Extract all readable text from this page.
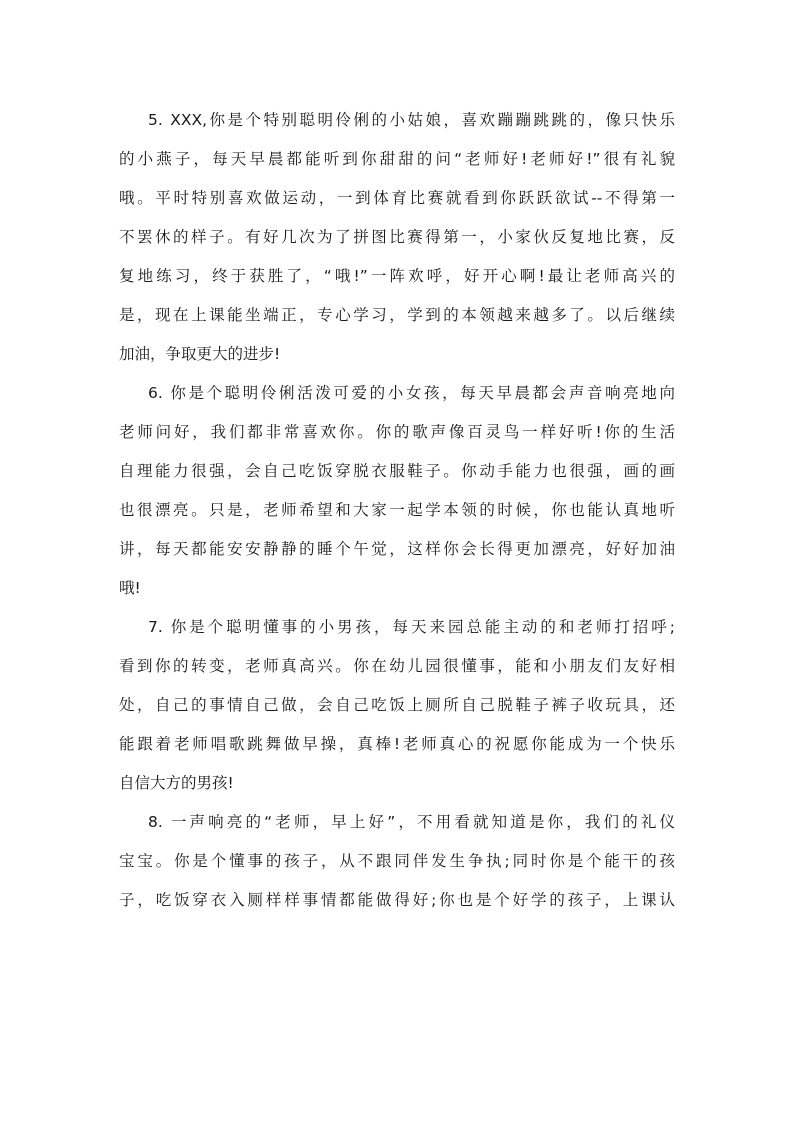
5. XXX,你是个特别聪明伶俐的小姑娘，喜欢蹦蹦跳跳的，像只快乐
的小燕子，每天早晨都能听到你甜甜的问“老师好!老师好!”很有礼貌
哦。平时特别喜欢做运动，一到体育比赛就看到你跃跃欲试--不得第一
不罢休的样子。有好几次为了拼图比赛得第一，小家伙反复地比赛，反
复地练习，终于获胜了，“哦!”一阵欢呼，好开心啊!最让老师高兴的
是，现在上课能坐端正，专心学习，学到的本领越来越多了。以后继续
加油，争取更大的进步!
6. 你是个聪明伶俐活泼可爱的小女孩，每天早晨都会声音响亮地向
老师问好，我们都非常喜欢你。你的歌声像百灵鸟一样好听!你的生活
自理能力很强，会自己吃饭穿脱衣服鞋子。你动手能力也很强，画的画
也很漂亮。只是，老师希望和大家一起学本领的时候，你也能认真地听
讲，每天都能安安静静的睡个午觉，这样你会长得更加漂亮，好好加油
哦!
7. 你是个聪明懂事的小男孩，每天来园总能主动的和老师打招呼;
看到你的转变，老师真高兴。你在幼儿园很懂事，能和小朋友们友好相
处，自己的事情自己做，会自己吃饭上厕所自己脱鞋子裤子收玩具，还
能跟着老师唱歌跳舞做早操，真棒!老师真心的祝愿你能成为一个快乐
自信大方的男孩!
8. 一声响亮的“老师，早上好”，不用看就知道是你，我们的礼仪
宝宝。你是个懂事的孩子，从不跟同伴发生争执;同时你是个能干的孩
子，吃饭穿衣入厕样样事情都能做得好;你也是个好学的孩子，上课认
